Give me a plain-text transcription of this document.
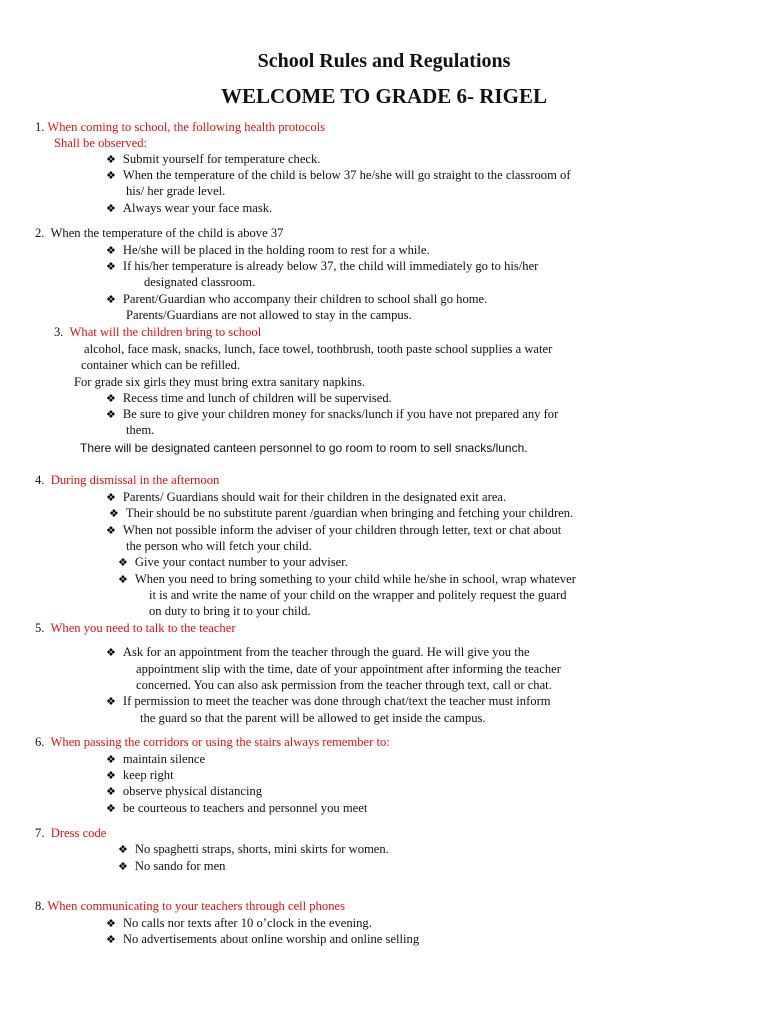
School Rules and Regulations
WELCOME TO GRADE 6- RIGEL
1. When coming to school, the following health protocols
Shall be observed:
❖ Submit yourself for temperature check.
❖ When the temperature of the child is below 37 he/she will go straight to the classroom of
his/ her grade level.
❖ Always wear your face mask.
2. When the temperature of the child is above 37
❖ He/she will be placed in the holding room to rest for a while.
❖ If his/her temperature is already below 37, the child will immediately go to his/her
designated classroom.
❖ Parent/Guardian who accompany their children to school shall go home.
Parents/Guardians are not allowed to stay in the campus.
3. What will the children bring to school
alcohol, face mask, snacks, lunch, face towel, toothbrush, tooth paste school supplies a water
container which can be refilled.
For grade six girls they must bring extra sanitary napkins.
❖ Recess time and lunch of children will be supervised.
❖ Be sure to give your children money for snacks/lunch if you have not prepared any for
them.
There will be designated canteen personnel to go room to room to sell snacks/lunch.
4. During dismissal in the afternoon
❖ Parents/ Guardians should wait for their children in the designated exit area.
❖ Their should be no substitute parent /guardian when bringing and fetching your children.
❖ When not possible inform the adviser of your children through letter, text or chat about
the person who will fetch your child.
❖ Give your contact number to your adviser.
❖ When you need to bring something to your child while he/she in school, wrap whatever
it is and write the name of your child on the wrapper and politely request the guard
on duty to bring it to your child.
5. When you need to talk to the teacher
❖ Ask for an appointment from the teacher through the guard. He will give you the
appointment slip with the time, date of your appointment after informing the teacher
concerned. You can also ask permission from the teacher through text, call or chat.
❖ If permission to meet the teacher was done through chat/text the teacher must inform
the guard so that the parent will be allowed to get inside the campus.
6. When passing the corridors or using the stairs always remember to:
❖ maintain silence
❖ keep right
❖ observe physical distancing
❖ be courteous to teachers and personnel you meet
7. Dress code
❖ No spaghetti straps, shorts, mini skirts for women.
❖ No sando for men
8. When communicating to your teachers through cell phones
❖ No calls nor texts after 10 o’clock in the evening.
❖ No advertisements about online worship and online selling
